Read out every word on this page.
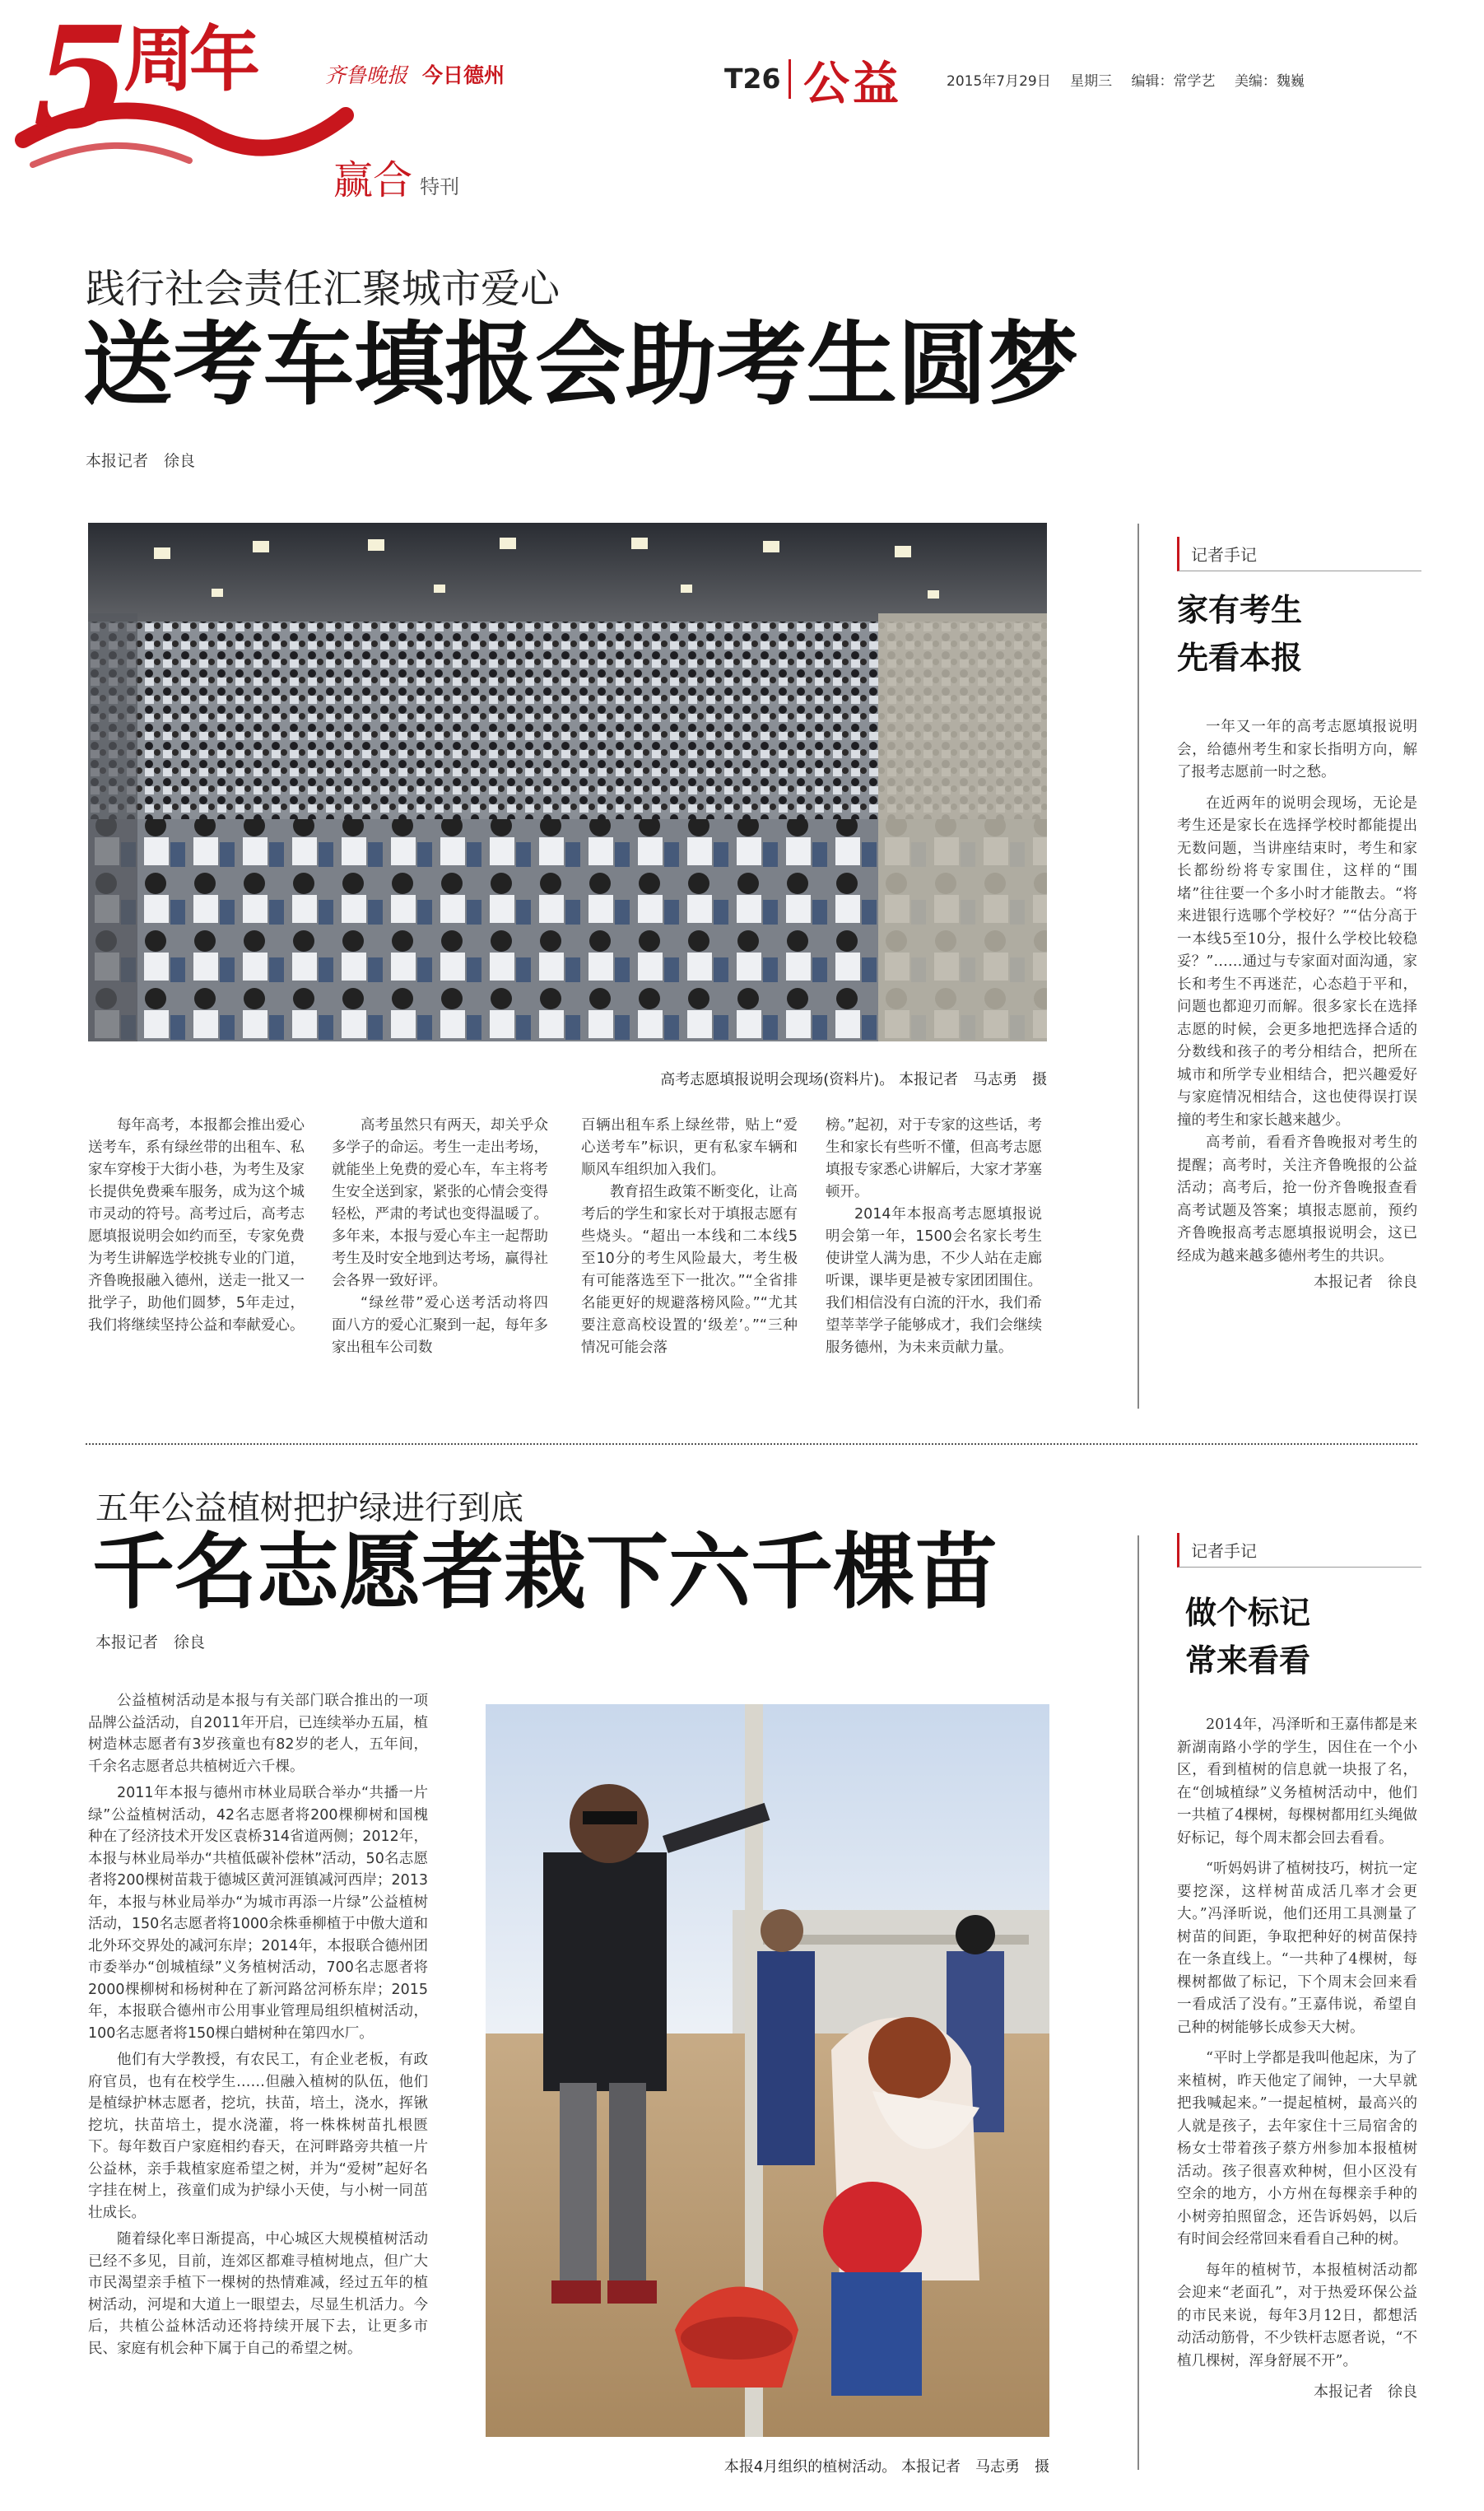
5
周年	齐鲁晚报 今日德州
赢合 特刊
T26 公益	2015年7月29日 星期三 编辑：常学艺 美编：魏巍
践行社会责任汇聚城市爱心
送考车填报会助考生圆梦
本报记者　徐良
高考志愿填报说明会现场(资料片)。 本报记者　马志勇　摄

每年高考，本报都会推出爱心送考车，系有绿丝带的出租车、私家车穿梭于大街小巷，为考生及家长提供免费乘车服务，成为这个城市灵动的符号。高考过后，高考志愿填报说明会如约而至，专家免费为考生讲解选学校挑专业的门道，齐鲁晚报融入德州，送走一批又一批学子，助他们圆梦，5年走过，我们将继续坚持公益和奉献爱心。

高考虽然只有两天，却关乎众多学子的命运。考生一走出考场，就能坐上免费的爱心车，车主将考生安全送到家，紧张的心情会变得轻松，严肃的考试也变得温暖了。多年来，本报与爱心车主一起帮助考生及时安全地到达考场，赢得社会各界一致好评。

“绿丝带”爱心送考活动将四面八方的爱心汇聚到一起，每年多家出租车公司数

百辆出租车系上绿丝带，贴上“爱心送考车”标识，更有私家车辆和顺风车组织加入我们。

教育招生政策不断变化，让高考后的学生和家长对于填报志愿有些烧头。“超出一本线和二本线5至10分的考生风险最大，考生极有可能落选至下一批次。”“全省排名能更好的规避落榜风险。”“尤其要注意高校设置的‘级差’。”“三种情况可能会落

榜。”起初，对于专家的这些话，考生和家长有些听不懂，但高考志愿填报专家悉心讲解后，大家才茅塞顿开。

2014年本报高考志愿填报说明会第一年，1500会名家长考生使讲堂人满为患，不少人站在走廊听课，课毕更是被专家团团围住。我们相信没有白流的汗水，我们希望莘莘学子能够成才，我们会继续服务德州，为未来贡献力量。

记者手记
家有考生
先看本报

一年又一年的高考志愿填报说明会，给德州考生和家长指明方向，解了报考志愿前一时之愁。

在近两年的说明会现场，无论是考生还是家长在选择学校时都能提出无数问题，当讲座结束时，考生和家长都纷纷将专家围住，这样的“围堵”往往要一个多小时才能散去。“将来进银行选哪个学校好？”“估分高于一本线5至10分，报什么学校比较稳妥？”……通过与专家面对面沟通，家长和考生不再迷茫，心态趋于平和，问题也都迎刃而解。很多家长在选择志愿的时候，会更多地把选择合适的分数线和孩子的考分相结合，把所在城市和所学专业相结合，把兴趣爱好与家庭情况相结合，这也使得误打误撞的考生和家长越来越少。

高考前，看看齐鲁晚报对考生的提醒；高考时，关注齐鲁晚报的公益活动；高考后，抢一份齐鲁晚报查看高考试题及答案；填报志愿前，预约齐鲁晚报高考志愿填报说明会，这已经成为越来越多德州考生的共识。

本报记者　徐良
五年公益植树把护绿进行到底
千名志愿者栽下六千棵苗
本报记者　徐良

公益植树活动是本报与有关部门联合推出的一项品牌公益活动，自2011年开启，已连续举办五届，植树造林志愿者有3岁孩童也有82岁的老人，五年间，千余名志愿者总共植树近六千棵。

2011年本报与德州市林业局联合举办“共播一片绿”公益植树活动，42名志愿者将200棵柳树和国槐种在了经济技术开发区袁桥314省道两侧；2012年，本报与林业局举办“共植低碳补偿林”活动，50名志愿者将200棵树苗栽于德城区黄河涯镇减河西岸；2013年，本报与林业局举办“为城市再添一片绿”公益植树活动，150名志愿者将1000余株垂柳植于中傲大道和北外环交界处的减河东岸；2014年，本报联合德州团市委举办“创城植绿”义务植树活动，700名志愿者将2000棵柳树和杨树种在了新河路岔河桥东岸；2015年，本报联合德州市公用事业管理局组织植树活动，100名志愿者将150棵白蜡树种在第四水厂。

他们有大学教授，有农民工，有企业老板，有政府官员，也有在校学生……但融入植树的队伍，他们是植绿护林志愿者，挖坑，扶苗，培土，浇水，挥锹挖坑，扶苗培土，提水浇灌，将一株株树苗扎根匮下。每年数百户家庭相约春天，在河畔路旁共植一片公益林，亲手栽植家庭希望之树，并为“爱树”起好名字挂在树上，孩童们成为护绿小天使，与小树一同茁壮成长。

随着绿化率日渐提高，中心城区大规模植树活动已经不多见，目前，连郊区都难寻植树地点，但广大市民渴望亲手植下一棵树的热情难减，经过五年的植树活动，河堤和大道上一眼望去，尽显生机活力。今后，共植公益林活动还将持续开展下去，让更多市民、家庭有机会种下属于自己的希望之树。

本报4月组织的植树活动。 本报记者　马志勇　摄
记者手记
做个标记
常来看看

2014年，冯泽昕和王嘉伟都是来新湖南路小学的学生，因住在一个小区，看到植树的信息就一块报了名，在“创城植绿”义务植树活动中，他们一共植了4棵树，每棵树都用红头绳做好标记，每个周末都会回去看看。

“听妈妈讲了植树技巧，树抗一定要挖深，这样树苗成活几率才会更大。”冯泽昕说，他们还用工具测量了树苗的间距，争取把种好的树苗保持在一条直线上。“一共种了4棵树，每棵树都做了标记，下个周末会回来看一看成活了没有。”王嘉伟说，希望自己种的树能够长成参天大树。

“平时上学都是我叫他起床，为了来植树，昨天他定了闹钟，一大早就把我喊起来。”一提起植树，最高兴的人就是孩子，去年家住十三局宿舍的杨女士带着孩子蔡方州参加本报植树活动。孩子很喜欢种树，但小区没有空余的地方，小方州在每棵亲手种的小树旁拍照留念，还告诉妈妈，以后有时间会经常回来看看自己种的树。

每年的植树节，本报植树活动都会迎来“老面孔”，对于热爱环保公益的市民来说，每年3月12日，都想活动活动筋骨，不少铁杆志愿者说，“不植几棵树，浑身舒展不开”。

本报记者　徐良
